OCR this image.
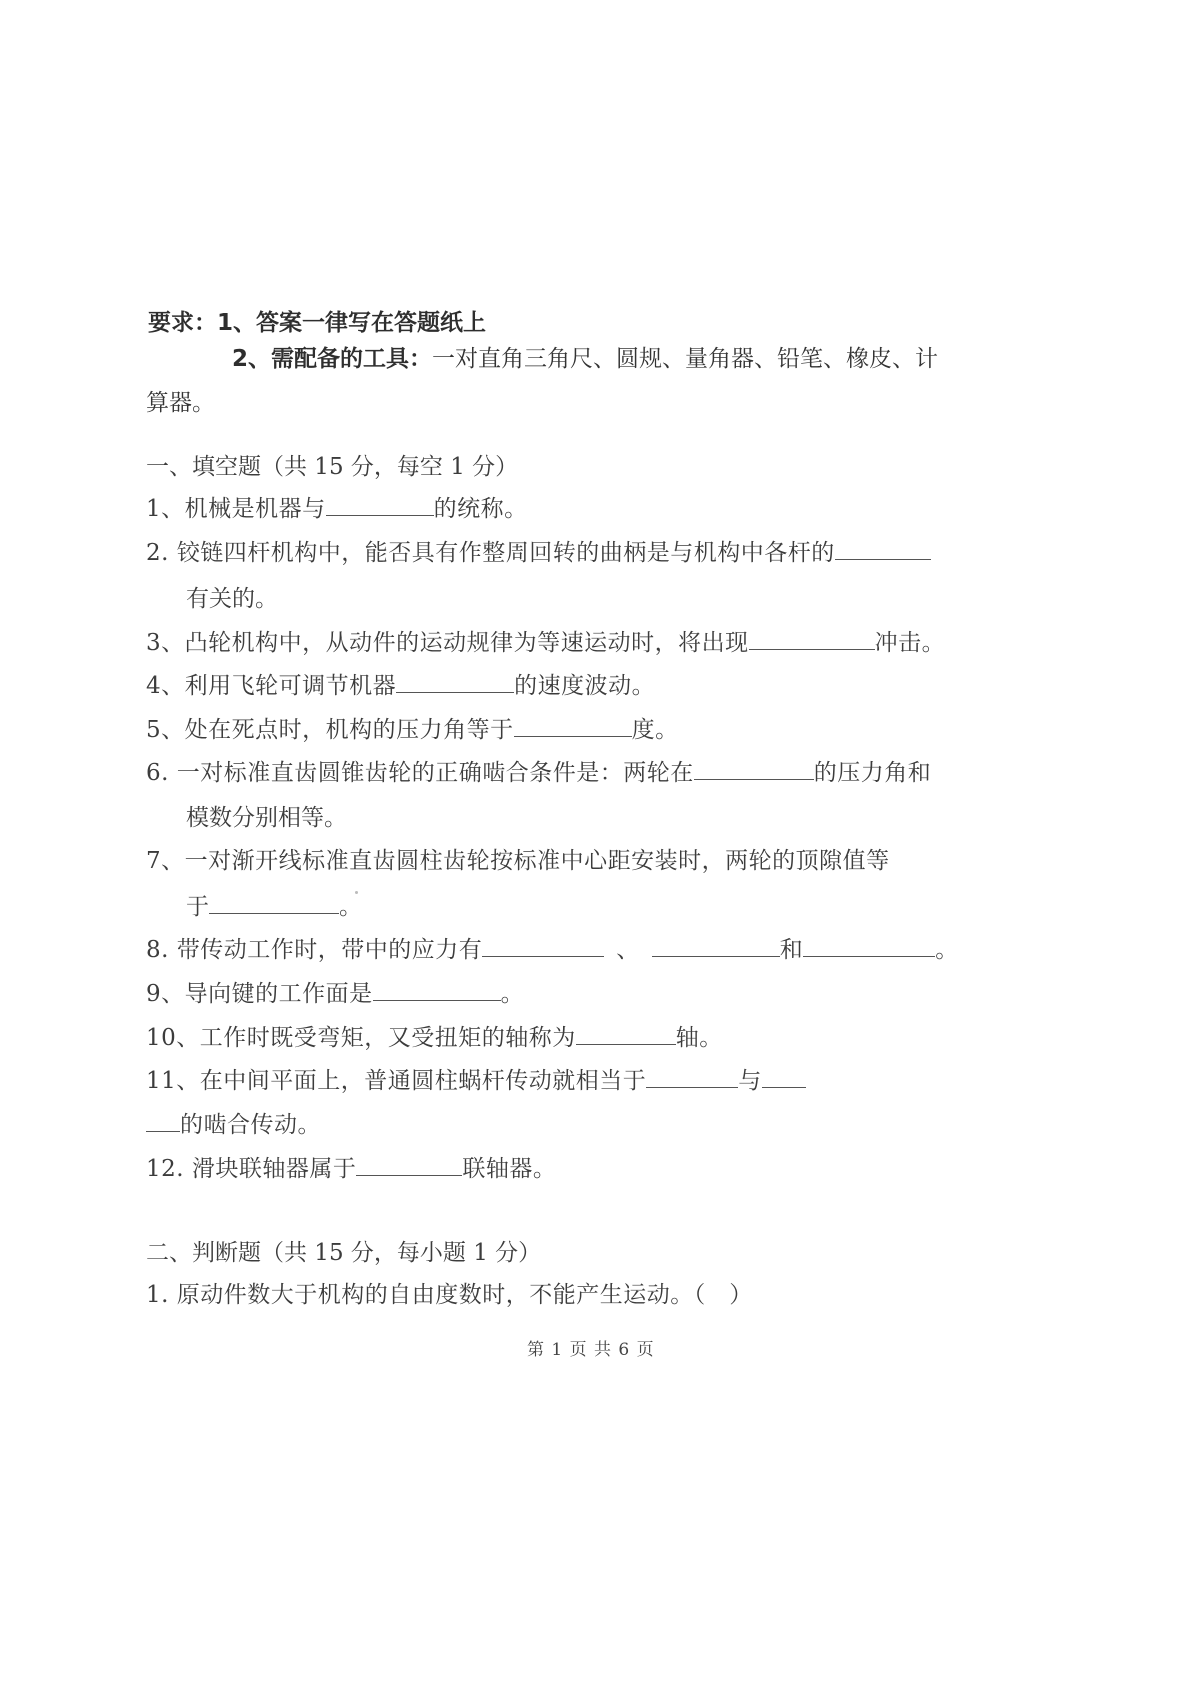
要求：1、答案一律写在答题纸上
2、需配备的工具：一对直角三角尺、圆规、量角器、铅笔、橡皮、计
算器。
一、填空题（共 15 分，每空 1 分）
1、机械是机器与	的统称。
2. 铰链四杆机构中，能否具有作整周回转的曲柄是与机构中各杆的
有关的。
3、凸轮机构中，从动件的运动规律为等速运动时，将出现	冲击。
4、利用飞轮可调节机器	的速度波动。
5、处在死点时，机构的压力角等于	度。
6. 一对标准直齿圆锥齿轮的正确啮合条件是：两轮在	的压力角和
模数分别相等。
7、一对渐开线标准直齿圆柱齿轮按标准中心距安装时，两轮的顶隙值等
于	。
8. 带传动工作时，带中的应力有	、	和	。
9、导向键的工作面是	。
10、工作时既受弯矩，又受扭矩的轴称为	轴。
11、在中间平面上，普通圆柱蜗杆传动就相当于	与
的啮合传动。
12. 滑块联轴器属于	联轴器。
二、判断题（共 15 分，每小题 1 分）
1. 原动件数大于机构的自由度数时，不能产生运动。（　）
第 1 页 共 6 页
